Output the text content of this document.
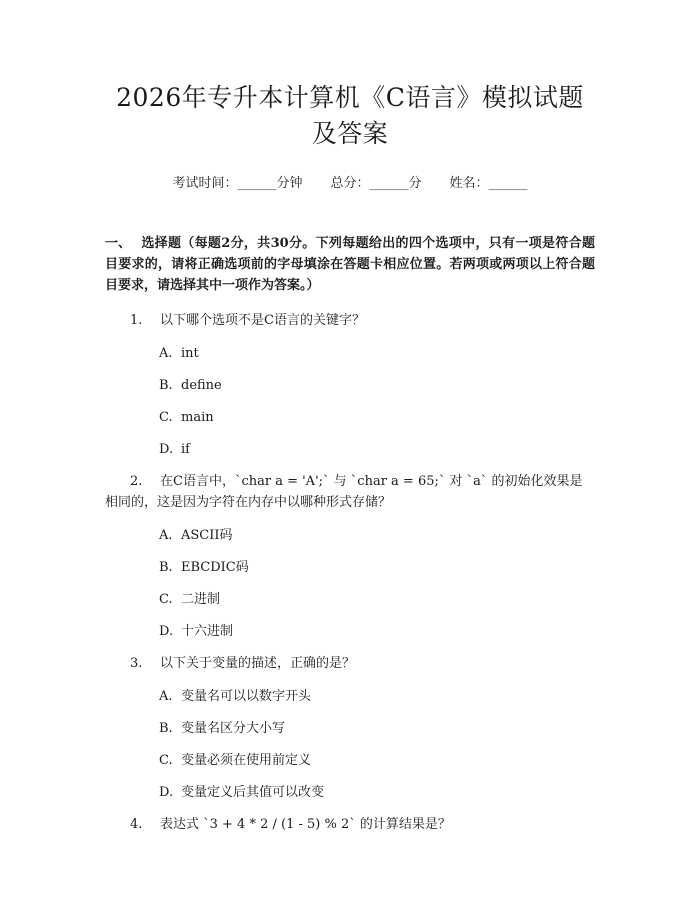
2026年专升本计算机《C语言》模拟试题及答案
考试时间：______分钟 总分：______分 姓名：______
一、 选择题（每题2分，共30分。下列每题给出的四个选项中，只有一项是符合题目要求的，请将正确选项前的字母填涂在答题卡相应位置。若两项或两项以上符合题目要求，请选择其中一项作为答案。）
1. 以下哪个选项不是C语言的关键字？
A. int
B. define
C. main
D. if
2. 在C语言中，`char a = 'A';` 与 `char a = 65;` 对 `a` 的初始化效果是相同的，这是因为字符在内存中以哪种形式存储？
A. ASCII码
B. EBCDIC码
C. 二进制
D. 十六进制
3. 以下关于变量的描述，正确的是？
A. 变量名可以以数字开头
B. 变量名区分大小写
C. 变量必须在使用前定义
D. 变量定义后其值可以改变
4. 表达式 `3 + 4 * 2 / (1 - 5) % 2` 的计算结果是？
